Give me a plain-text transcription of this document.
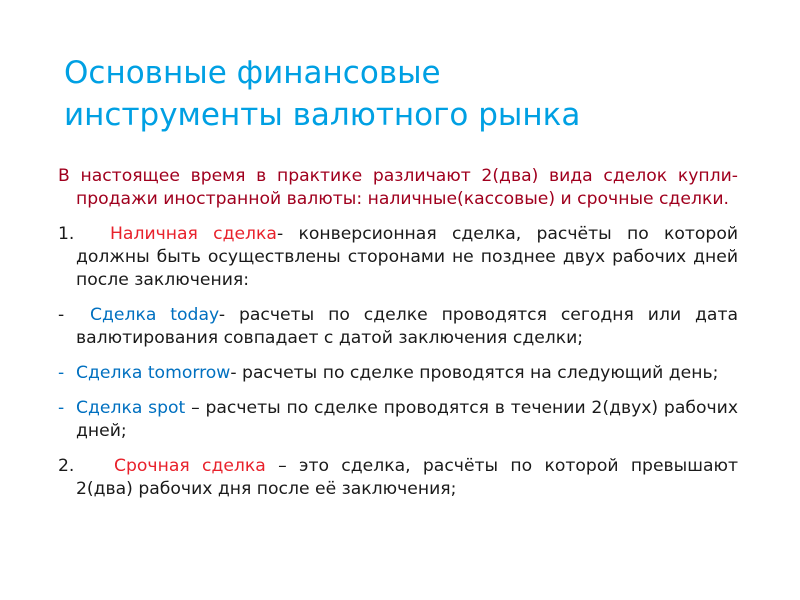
Основные финансовые
инструменты валютного рынка

В настоящее время в практике различают 2(два) вида сделок купли-продажи иностранной валюты: наличные(кассовые) и срочные сделки.

1. Наличная сделка- конверсионная сделка, расчёты по которой должны быть осуществлены сторонами не позднее двух рабочих дней после заключения:

- Сделка today- расчеты по сделке проводятся сегодня или дата валютирования совпадает с датой заключения сделки;

- Сделка tomorrow- расчеты по сделке проводятся на следующий день;

- Сделка spot – расчеты по сделке проводятся в течении 2(двух) рабочих дней;

2. Срочная сделка – это сделка, расчёты по которой превышают 2(два) рабочих дня после её заключения;
